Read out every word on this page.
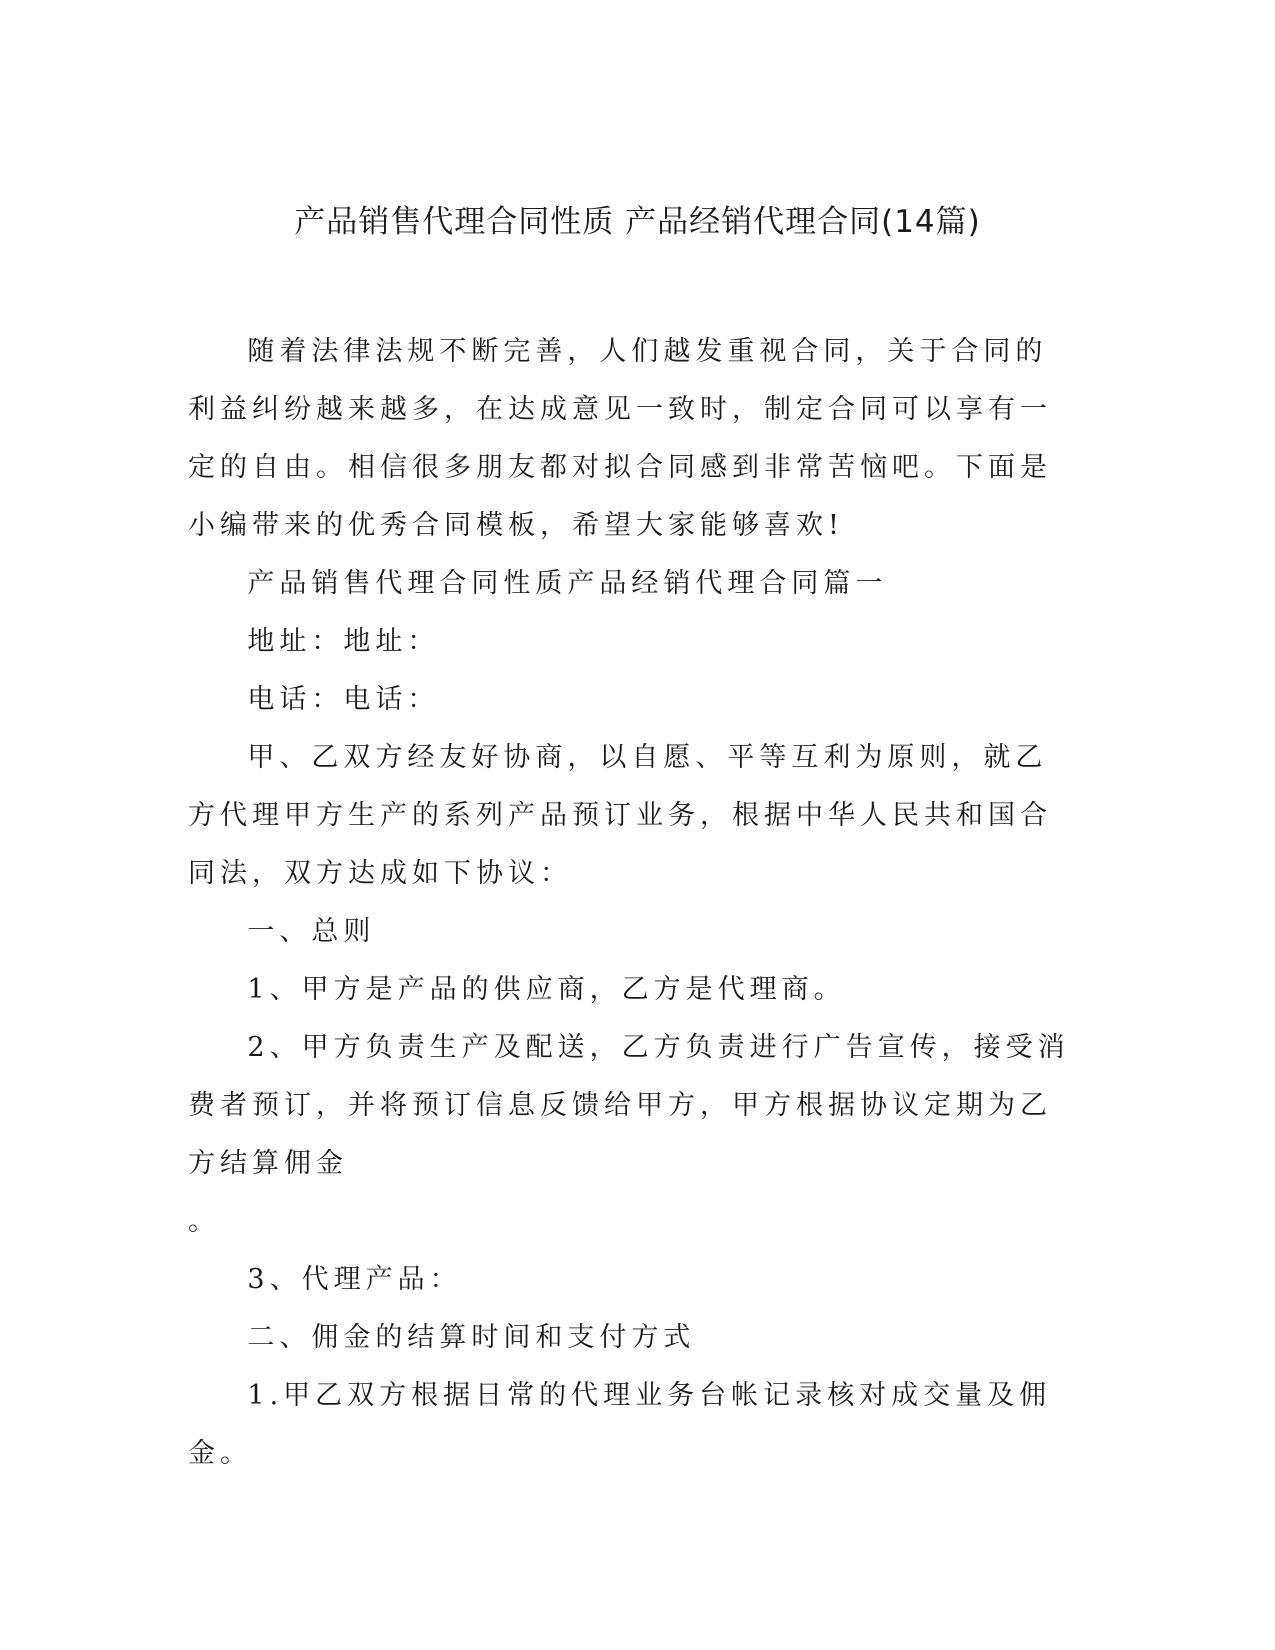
产品销售代理合同性质 产品经销代理合同(14篇)

随着法律法规不断完善，人们越发重视合同，关于合同的利益纠纷越来越多，在达成意见一致时，制定合同可以享有一定的自由。相信很多朋友都对拟合同感到非常苦恼吧。下面是小编带来的优秀合同模板，希望大家能够喜欢!

产品销售代理合同性质产品经销代理合同篇一

地址：地址：

电话：电话：

甲、乙双方经友好协商，以自愿、平等互利为原则，就乙方代理甲方生产的系列产品预订业务，根据中华人民共和国合同法，双方达成如下协议：

一、总则

1、甲方是产品的供应商，乙方是代理商。

2、甲方负责生产及配送，乙方负责进行广告宣传，接受消费者预订，并将预订信息反馈给甲方，甲方根据协议定期为乙方结算佣金

。

3、代理产品：

二、佣金的结算时间和支付方式

1.甲乙双方根据日常的代理业务台帐记录核对成交量及佣金。
